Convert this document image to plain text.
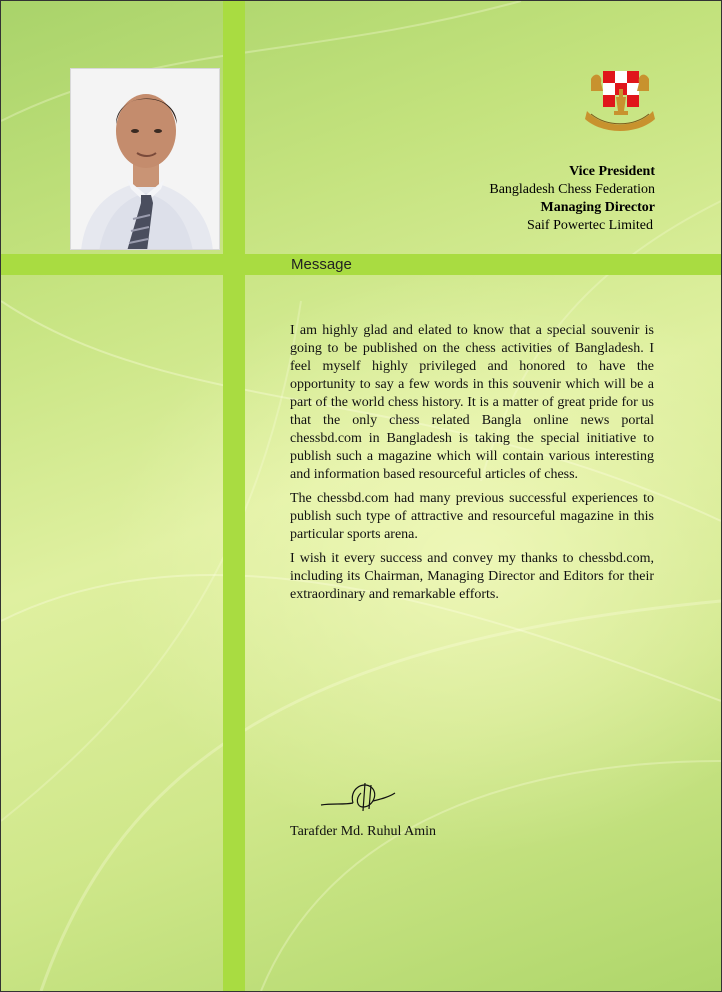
Vice President
Bangladesh Chess Federation
Managing Director
Saif Powertec Limited
Message

I am highly glad and elated to know that a special souvenir is going to be published on the chess activities of Bangladesh. I feel myself highly privileged and honored to have the opportunity to say a few words in this souvenir which will be a part of the world chess history. It is a matter of great pride for us that the only chess related Bangla online news portal chessbd.com in Bangladesh is taking the special initiative to publish such a magazine which will contain various interesting and information based resourceful articles of chess.

The chessbd.com had many previous successful experiences to publish such type of attractive and resourceful magazine in this particular sports arena.

I wish it every success and convey my thanks to chessbd.com, including its Chairman, Managing Director and Editors for their extraordinary and remarkable efforts.

Tarafder Md. Ruhul Amin
